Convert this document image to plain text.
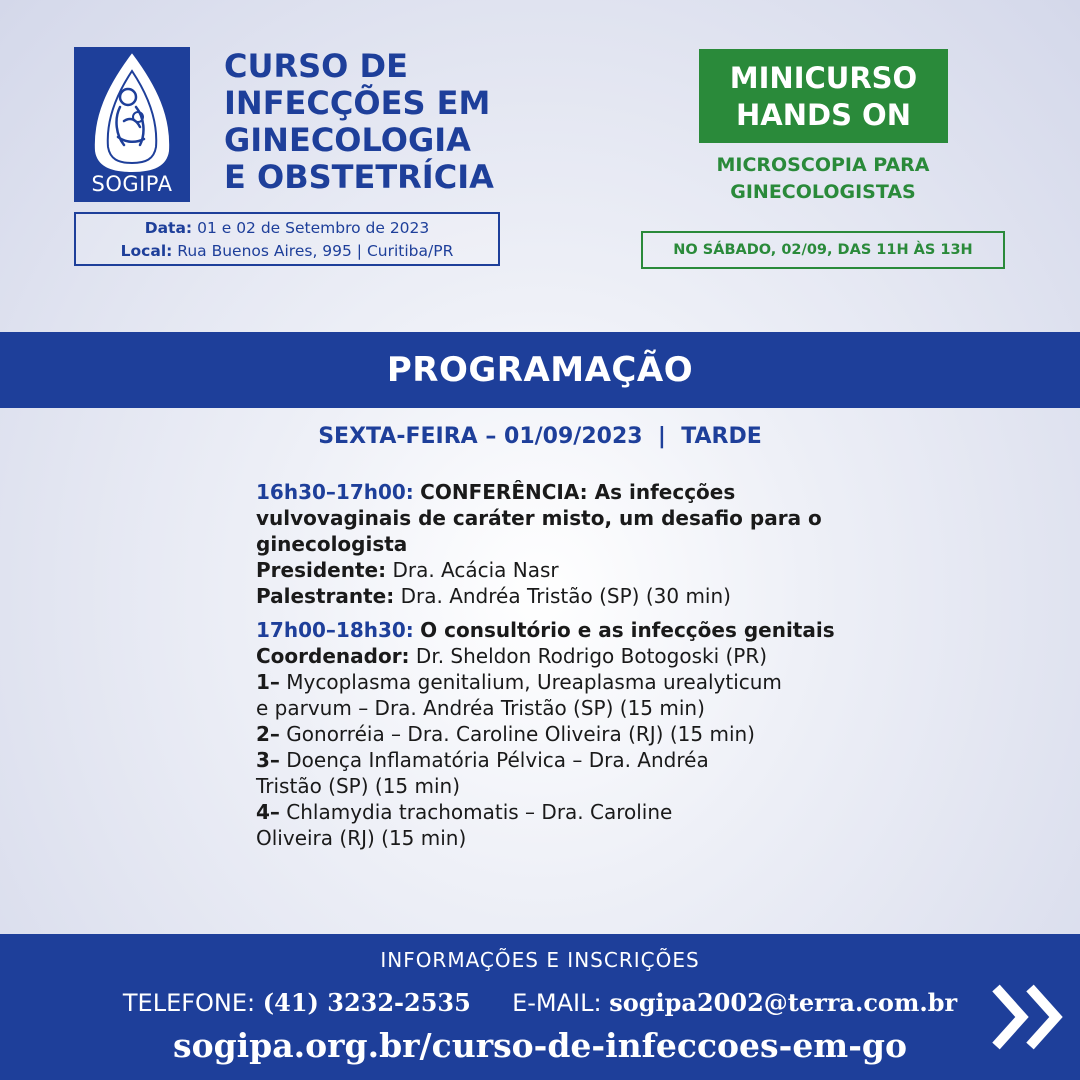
SOGIPA
CURSO DE
INFECÇÕES EM
GINECOLOGIA
E OBSTETRÍCIA
Data: 01 e 02 de Setembro de 2023
Local: Rua Buenos Aires, 995 | Curitiba/PR
MINICURSO
HANDS ON
MICROSCOPIA PARA
GINECOLOGISTAS
NO SÁBADO, 02/09, DAS 11H ÀS 13H
PROGRAMAÇÃO
SEXTA-FEIRA – 01/09/2023  |  TARDE
16h30–17h00: CONFERÊNCIA: As infecções
vulvovaginais de caráter misto, um desafio para o
ginecologista
Presidente: Dra. Acácia Nasr
Palestrante: Dra. Andréa Tristão (SP) (30 min)
17h00–18h30: O consultório e as infecções genitais
Coordenador: Dr. Sheldon Rodrigo Botogoski (PR)
1– Mycoplasma genitalium, Ureaplasma urealyticum
e parvum – Dra. Andréa Tristão (SP) (15 min)
2– Gonorréia – Dra. Caroline Oliveira (RJ) (15 min)
3– Doença Inflamatória Pélvica – Dra. Andréa
Tristão (SP) (15 min)
4– Chlamydia trachomatis – Dra. Caroline
Oliveira (RJ) (15 min)
INFORMAÇÕES E INSCRIÇÕES
TELEFONE: (41) 3232-2535 E-MAIL: sogipa2002@terra.com.br
sogipa.org.br/curso-de-infeccoes-em-go
